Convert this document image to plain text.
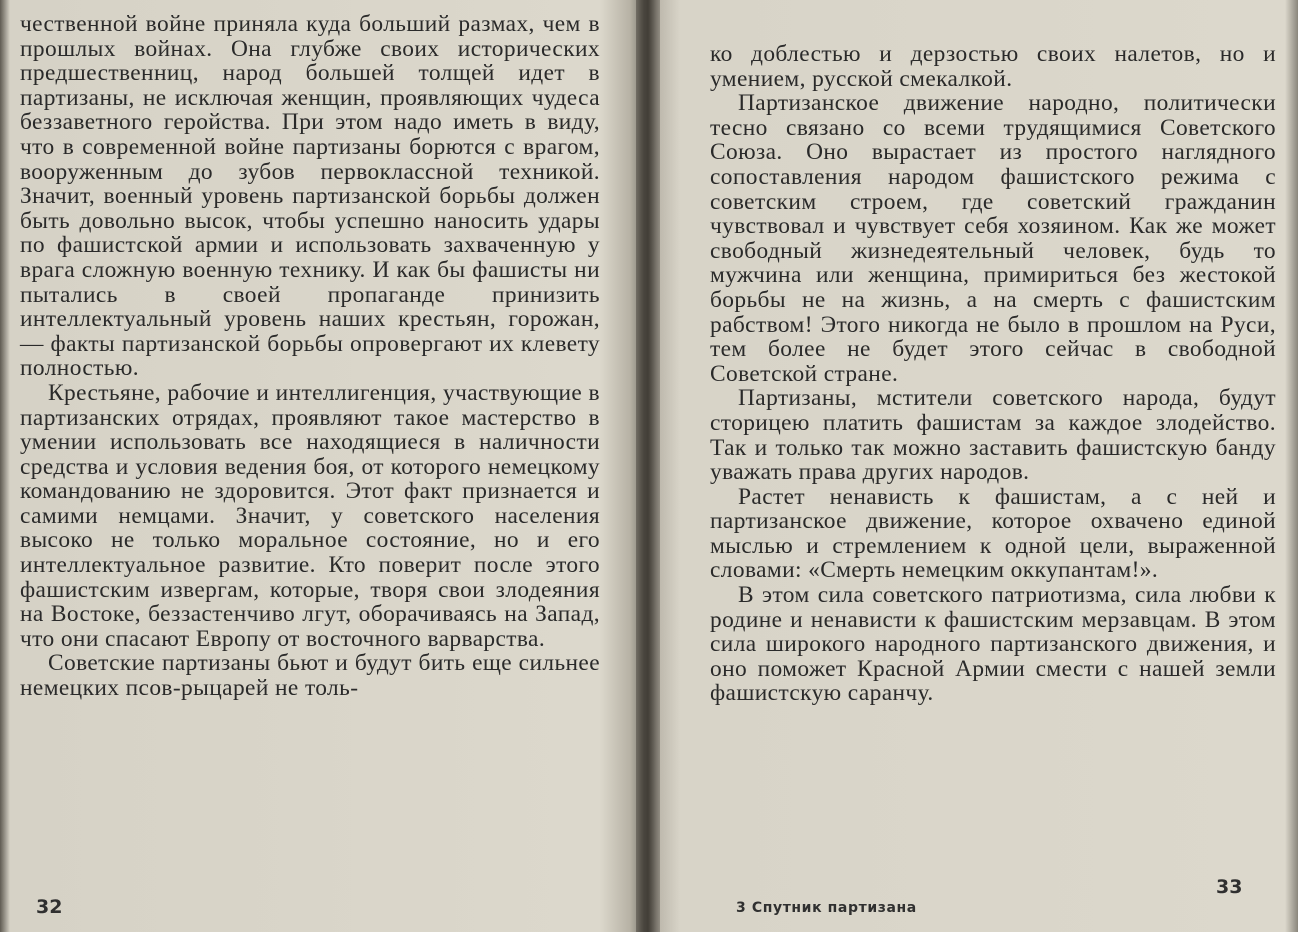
чественной войне приняла куда больший размах, чем в прошлых войнах. Она глубже своих исторических предшественниц, народ большей толщей идет в партизаны, не исключая женщин, проявляющих чудеса беззаветного геройства. При этом надо иметь в виду, что в современной войне партизаны борются с врагом, вооруженным до зубов первоклассной техникой. Значит, военный уровень партизанской борьбы должен быть довольно высок, чтобы успешно наносить удары по фашистской армии и использовать захваченную у врага сложную военную технику. И как бы фашисты ни пытались в своей пропаганде принизить интеллектуальный уровень наших крестьян, горожан, — факты партизанской борьбы опровергают их клевету полностью.

Крестьяне, рабочие и интеллигенция, участвующие в партизанских отрядах, проявляют такое мастерство в умении использовать все находящиеся в наличности средства и условия ведения боя, от которого немецкому командованию не здоровится. Этот факт признается и самими немцами. Значит, у советского населения высоко не только моральное состояние, но и его интеллектуальное развитие. Кто поверит после этого фашистским извергам, которые, творя свои злодеяния на Востоке, беззастенчиво лгут, оборачиваясь на Запад, что они спасают Европу от восточного варварства.

Советские партизаны бьют и будут бить еще сильнее немецких псов-рыцарей не толь-

32

ко доблестью и дерзостью своих налетов, но и умением, русской смекалкой.

Партизанское движение народно, политически тесно связано со всеми трудящимися Советского Союза. Оно вырастает из простого наглядного сопоставления народом фашистского режима с советским строем, где советский гражданин чувствовал и чувствует себя хозяином. Как же может свободный жизнедеятельный человек, будь то мужчина или женщина, примириться без жестокой борьбы не на жизнь, а на смерть с фашистским рабством! Этого никогда не было в прошлом на Руси, тем более не будет этого сейчас в свободной Советской стране.

Партизаны, мстители советского народа, будут сторицею платить фашистам за каждое злодейство. Так и только так можно заставить фашистскую банду уважать права других народов.

Растет ненависть к фашистам, а с ней и партизанское движение, которое охвачено единой мыслью и стремлением к одной цели, выраженной словами: «Смерть немецким оккупантам!».

В этом сила советского патриотизма, сила любви к родине и ненависти к фашистским мерзавцам. В этом сила широкого народного партизанского движения, и оно поможет Красной Армии смести с нашей земли фашистскую саранчу.

3 Спутник партизана
33
